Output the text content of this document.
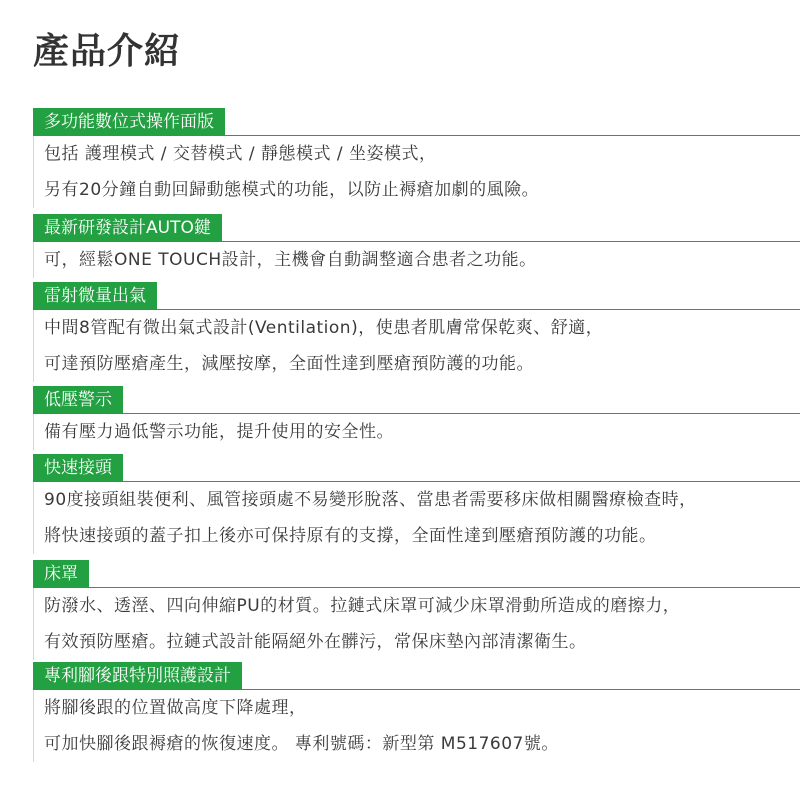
產品介紹
多功能數位式操作面版
包括 護理模式 / 交替模式 / 靜態模式 / 坐姿模式，
另有20分鐘自動回歸動態模式的功能，以防止褥瘡加劇的風險。
最新研發設計AUTO鍵
可，經鬆ONE TOUCH設計，主機會自動調整適合患者之功能。
雷射微量出氣
中間8管配有微出氣式設計(Ventilation)，使患者肌膚常保乾爽、舒適，
可達預防壓瘡產生，減壓按摩，全面性達到壓瘡預防護的功能。
低壓警示
備有壓力過低警示功能，提升使用的安全性。
快速接頭
90度接頭組裝便利、風管接頭處不易變形脫落、當患者需要移床做相關醫療檢查時，
將快速接頭的蓋子扣上後亦可保持原有的支撐，全面性達到壓瘡預防護的功能。
床罩
防潑水、透溼、四向伸縮PU的材質。拉鏈式床罩可減少床罩滑動所造成的磨擦力，
有效預防壓瘡。拉鏈式設計能隔絕外在髒污，常保床墊內部清潔衛生。
專利腳後跟特別照護設計
將腳後跟的位置做高度下降處理，
可加快腳後跟褥瘡的恢復速度。 專利號碼：新型第 M517607號。
